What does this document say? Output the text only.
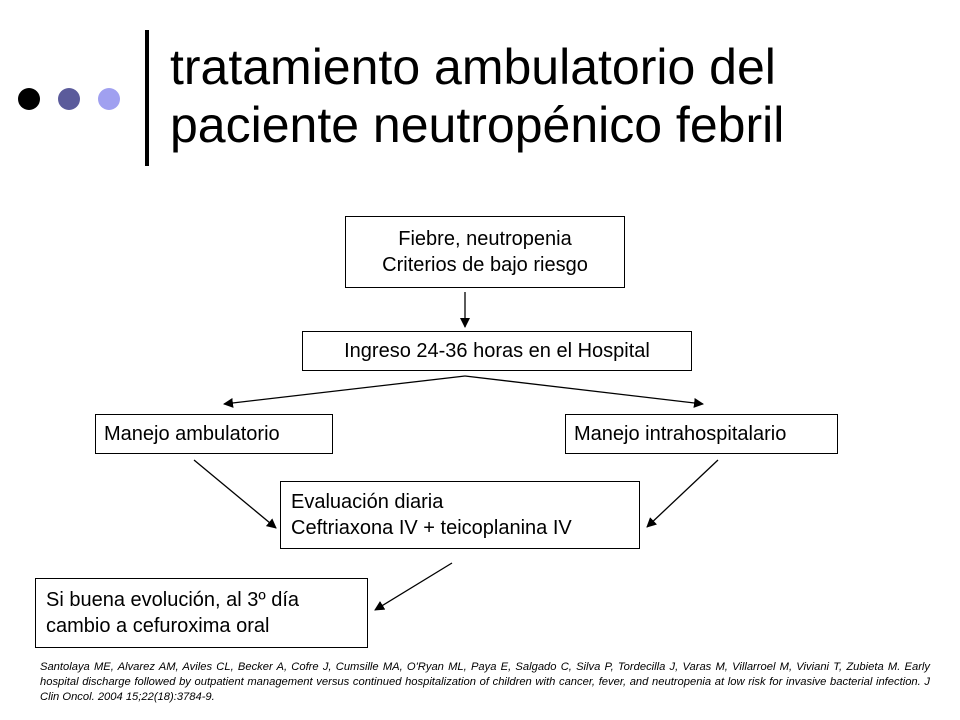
tratamiento ambulatorio del
paciente neutropénico febril
Fiebre, neutropenia
Criterios de bajo riesgo
Ingreso 24-36 horas en el Hospital
Manejo ambulatorio	Manejo intrahospitalario
Evaluación diaria
Ceftriaxona IV + teicoplanina IV
Si buena evolución, al 3º día
cambio a cefuroxima oral
Santolaya ME, Alvarez AM, Aviles CL, Becker A, Cofre J, Cumsille MA, O'Ryan ML, Paya E, Salgado C, Silva P, Tordecilla J, Varas M, Villarroel M, Viviani T, Zubieta M. Early hospital discharge followed by outpatient management versus continued hospitalization of children with cancer, fever, and neutropenia at low risk for invasive bacterial infection. J Clin Oncol. 2004 15;22(18):3784-9.
